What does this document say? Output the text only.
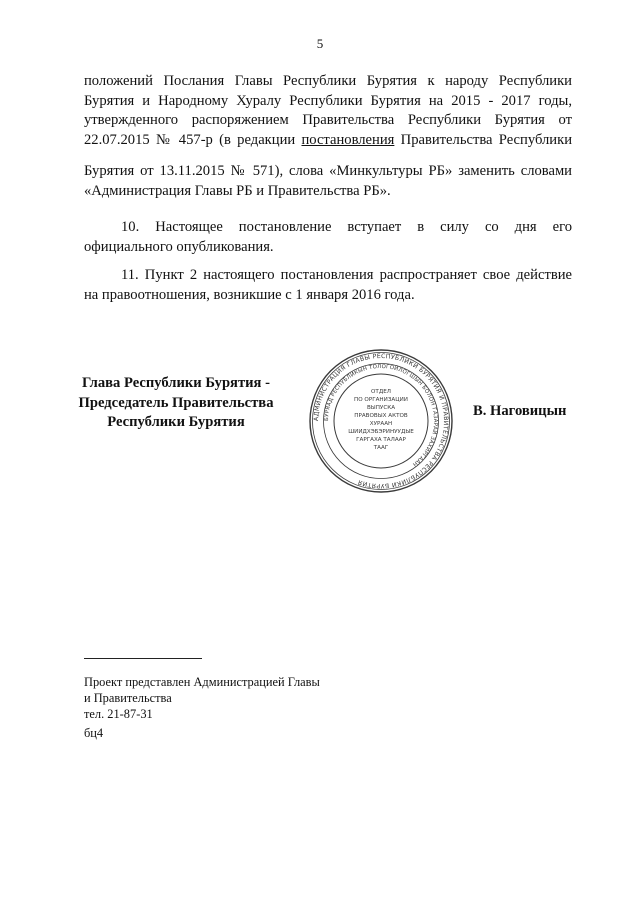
5
положений Послания Главы Республики Бурятия к народу Республики
Бурятия и Народному Хуралу Республики Бурятия на 2015 - 2017 годы,
утвержденного распоряжением Правительства Республики Бурятия от
22.07.2015 № 457-р (в редакции постановления Правительства Республики
Бурятия от 13.11.2015 № 571), слова «Минкультуры РБ» заменить словами
«Администрация Главы РБ и Правительства РБ».
10. Настоящее постановление вступает в силу со дня его
официального опубликования.
11. Пункт 2 настоящего постановления распространяет свое действие
на правоотношения, возникшие с 1 января 2016 года.
Глава Республики Бурятия -
Председатель Правительства
Республики Бурятия	АДМИНИСТРАЦИЯ ГЛАВЫ РЕСПУБЛИКИ БУРЯТИЯ И ПРАВИТЕЛЬСТВА РЕСПУБЛИКИ БУРЯТИЯ
БУРЯАД РЕСПУБЛИКЫН ТОЛОГОЙЛОГШЫН БОЛОН ГАЗАРАЙ ЗАХИРГААН
ОТДЕЛ
ПО ОРГАНИЗАЦИИ
ВЫПУСКА
ПРАВОВЫХ АКТОВ
ХУРААН
ШИИДХЭБЭРИНУУДЫЕ
ГАРГАХА ТАЛААР
ТААГ
В. Наговицын
Проект представлен Администрацией Главы
и Правительства
тел. 21-87-31
бц4
